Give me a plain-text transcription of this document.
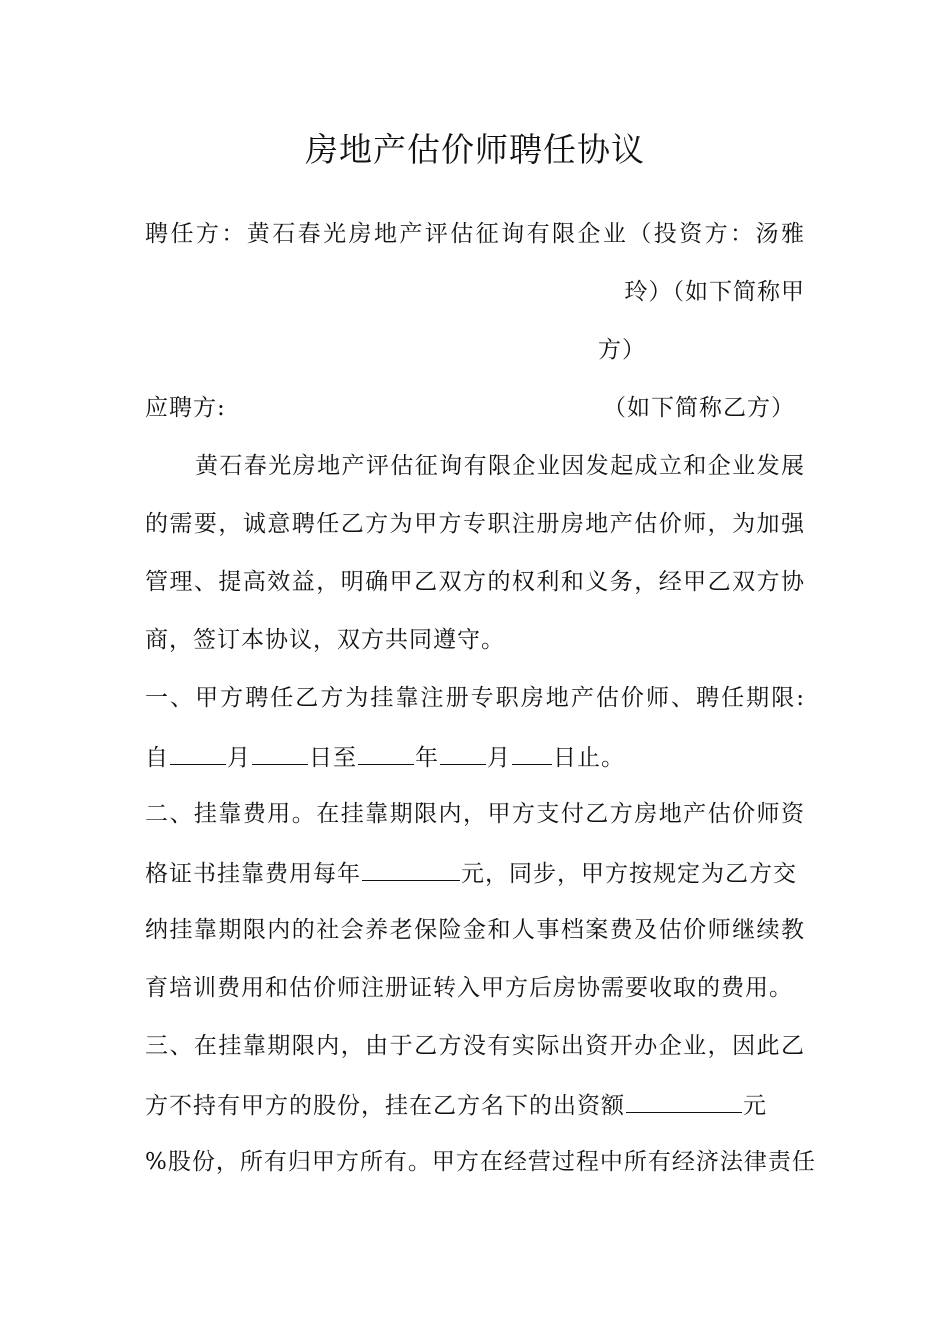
房地产估价师聘任协议
聘任方：黄石春光房地产评估征询有限企业（投资方：汤雅
玲）（如下简称甲
方）
应聘方:	（如下简称乙方）
黄石春光房地产评估征询有限企业因发起成立和企业发展
的需要，诚意聘任乙方为甲方专职注册房地产估价师，为加强
管理、提高效益，明确甲乙双方的权利和义务，经甲乙双方协
商，签订本协议，双方共同遵守。
一、甲方聘任乙方为挂靠注册专职房地产估价师、聘任期限:
自	月	日至	年 月 日止。
二、挂靠费用。在挂靠期限内，甲方支付乙方房地产估价师资
格证书挂靠费用每年	元，同步，甲方按规定为乙方交
纳挂靠期限内的社会养老保险金和人事档案费及估价师继续教
育培训费用和估价师注册证转入甲方后房协需要收取的费用。
三、在挂靠期限内，由于乙方没有实际出资开办企业，因此乙
方不持有甲方的股份，挂在乙方名下的出资额	元
%股份，所有归甲方所有。甲方在经营过程中所有经济法律责任
